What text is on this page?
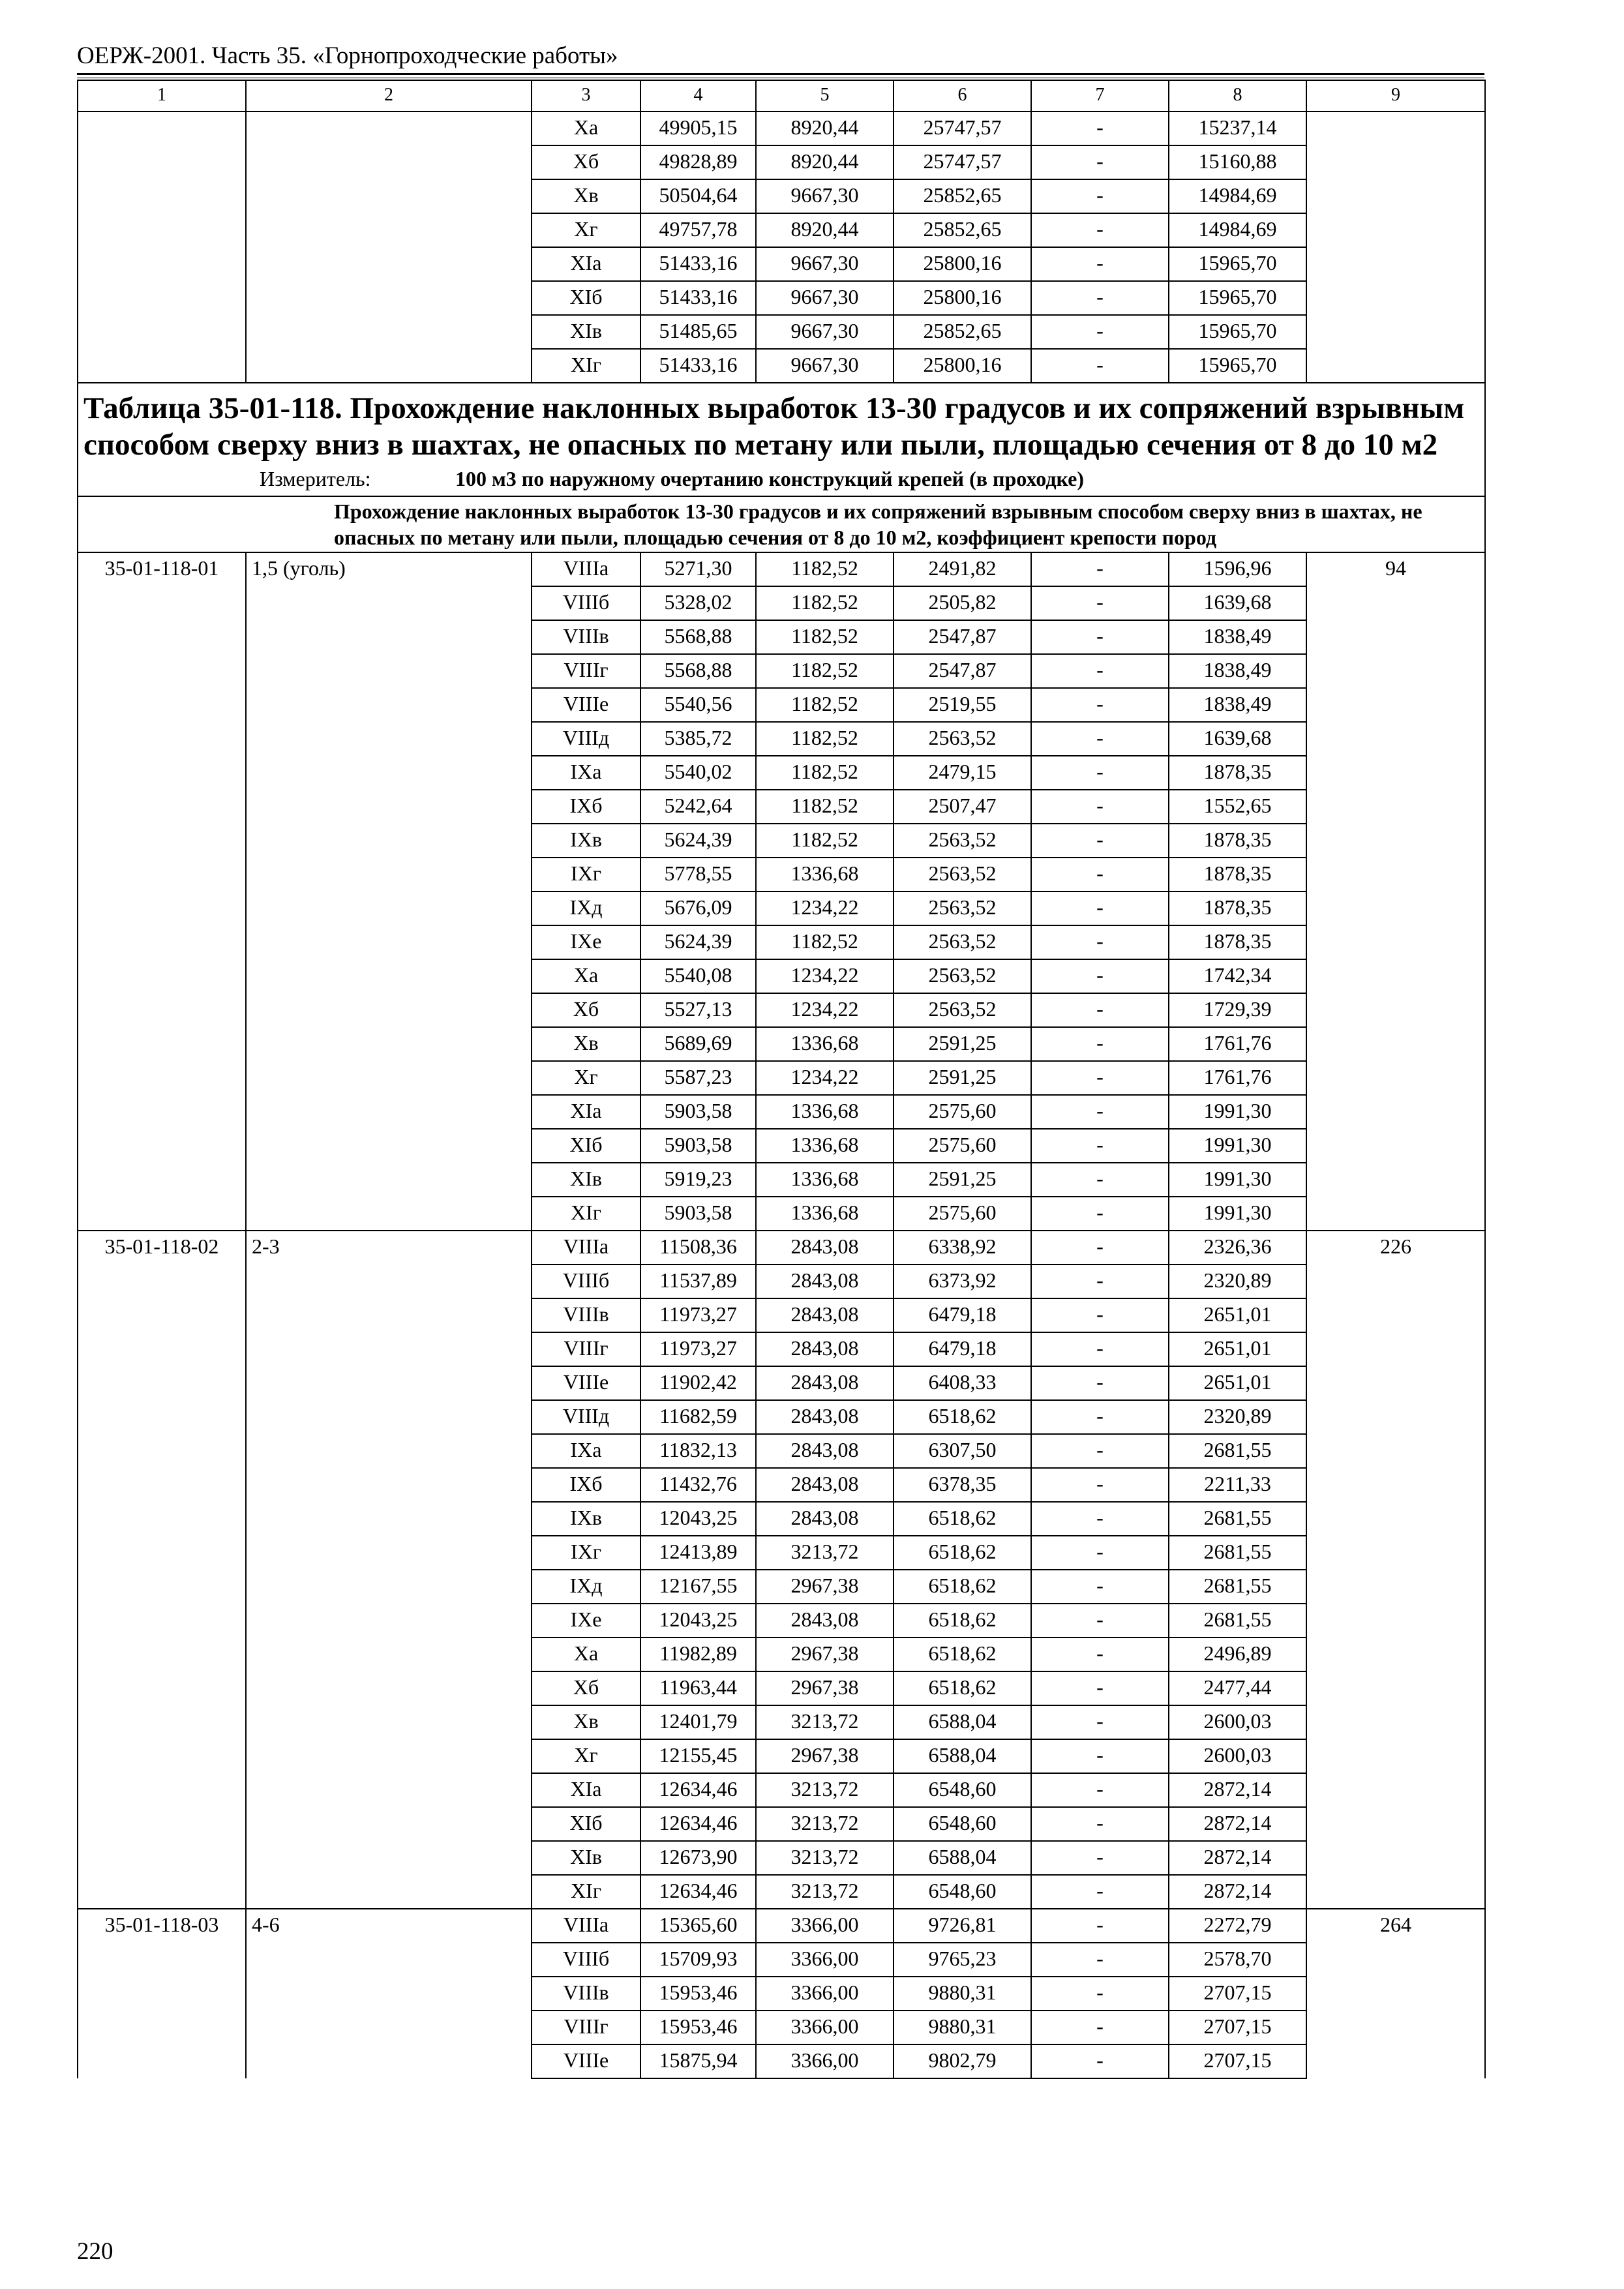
ОЕРЖ-2001. Часть 35. «Горнопроходческие работы»
1	2	3	4	5	6	7	8	9
		Xa	49905,15	8920,44	25747,57	-	15237,14	
		Xб	49828,89	8920,44	25747,57	-	15160,88	
		Xв	50504,64	9667,30	25852,65	-	14984,69	
		Xг	49757,78	8920,44	25852,65	-	14984,69	
		XIa	51433,16	9667,30	25800,16	-	15965,70	
		XIб	51433,16	9667,30	25800,16	-	15965,70	
		XIв	51485,65	9667,30	25852,65	-	15965,70	
		XIг	51433,16	9667,30	25800,16	-	15965,70	

Таблица 35-01-118. Прохождение наклонных выработок 13-30 градусов и их сопряжений взрывным способом сверху вниз в шахтах, не опасных по метану или пыли, площадью сечения от 8 до 10 м2
Измеритель: 100 м3 по наружному очертанию конструкций крепей (в проходке)								

Прохождение наклонных выработок 13-30 градусов и их сопряжений взрывным способом сверху вниз в шахтах, не опасных по метану или пыли, площадью сечения от 8 до 10 м2, коэффициент крепости пород								
35-01-118-01	1,5 (уголь)	VIIIa	5271,30	1182,52	2491,82	-	1596,96	94
		VIIIб	5328,02	1182,52	2505,82	-	1639,68	
		VIIIв	5568,88	1182,52	2547,87	-	1838,49	
		VIIIг	5568,88	1182,52	2547,87	-	1838,49	
		VIIIe	5540,56	1182,52	2519,55	-	1838,49	
		VIIIд	5385,72	1182,52	2563,52	-	1639,68	
		IXa	5540,02	1182,52	2479,15	-	1878,35	
		IXб	5242,64	1182,52	2507,47	-	1552,65	
		IXв	5624,39	1182,52	2563,52	-	1878,35	
		IXг	5778,55	1336,68	2563,52	-	1878,35	
		IXд	5676,09	1234,22	2563,52	-	1878,35	
		IXe	5624,39	1182,52	2563,52	-	1878,35	
		Xa	5540,08	1234,22	2563,52	-	1742,34	
		Xб	5527,13	1234,22	2563,52	-	1729,39	
		Xв	5689,69	1336,68	2591,25	-	1761,76	
		Xг	5587,23	1234,22	2591,25	-	1761,76	
		XIa	5903,58	1336,68	2575,60	-	1991,30	
		XIб	5903,58	1336,68	2575,60	-	1991,30	
		XIв	5919,23	1336,68	2591,25	-	1991,30	
		XIг	5903,58	1336,68	2575,60	-	1991,30	
35-01-118-02	2-3	VIIIa	11508,36	2843,08	6338,92	-	2326,36	226
		VIIIб	11537,89	2843,08	6373,92	-	2320,89	
		VIIIв	11973,27	2843,08	6479,18	-	2651,01	
		VIIIг	11973,27	2843,08	6479,18	-	2651,01	
		VIIIe	11902,42	2843,08	6408,33	-	2651,01	
		VIIIд	11682,59	2843,08	6518,62	-	2320,89	
		IXa	11832,13	2843,08	6307,50	-	2681,55	
		IXб	11432,76	2843,08	6378,35	-	2211,33	
		IXв	12043,25	2843,08	6518,62	-	2681,55	
		IXг	12413,89	3213,72	6518,62	-	2681,55	
		IXд	12167,55	2967,38	6518,62	-	2681,55	
		IXe	12043,25	2843,08	6518,62	-	2681,55	
		Xa	11982,89	2967,38	6518,62	-	2496,89	
		Xб	11963,44	2967,38	6518,62	-	2477,44	
		Xв	12401,79	3213,72	6588,04	-	2600,03	
		Xг	12155,45	2967,38	6588,04	-	2600,03	
		XIa	12634,46	3213,72	6548,60	-	2872,14	
		XIб	12634,46	3213,72	6548,60	-	2872,14	
		XIв	12673,90	3213,72	6588,04	-	2872,14	
		XIг	12634,46	3213,72	6548,60	-	2872,14	
35-01-118-03	4-6	VIIIa	15365,60	3366,00	9726,81	-	2272,79	264
		VIIIб	15709,93	3366,00	9765,23	-	2578,70	
		VIIIв	15953,46	3366,00	9880,31	-	2707,15	
		VIIIг	15953,46	3366,00	9880,31	-	2707,15	
		VIIIe	15875,94	3366,00	9802,79	-	2707,15	
220
